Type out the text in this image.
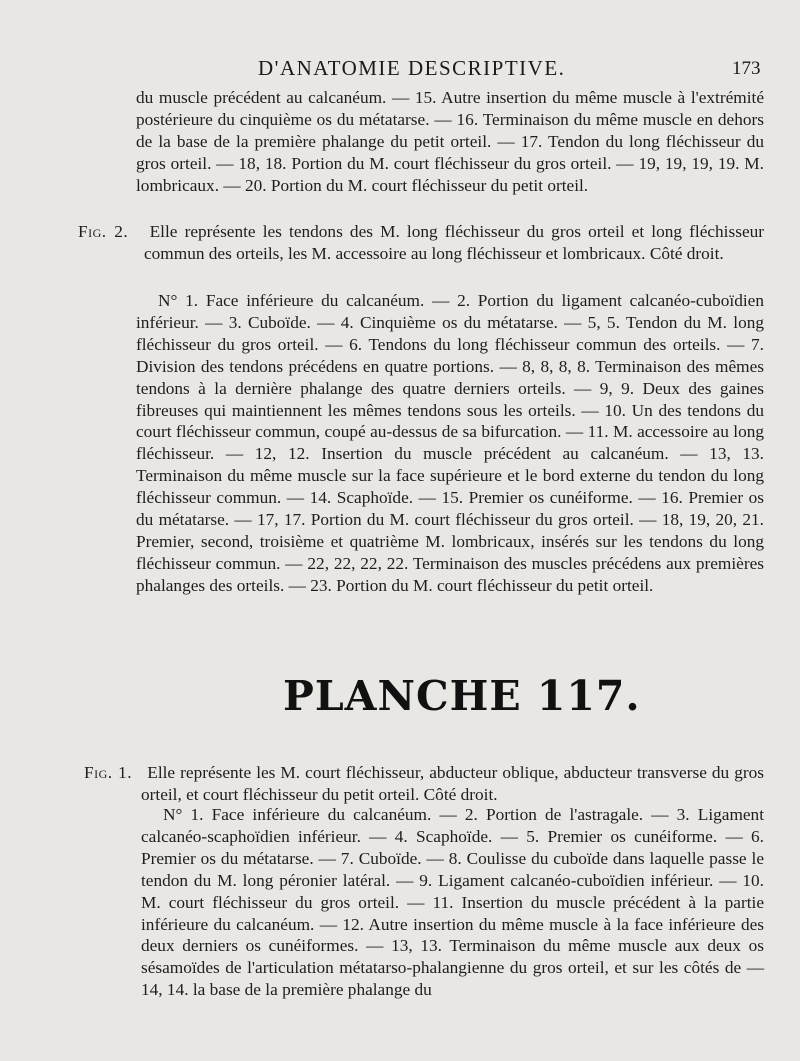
D'ANATOMIE DESCRIPTIVE.	173

du muscle précédent au calcanéum. — 15. Autre insertion du même muscle à l'extrémité postérieure du cinquième os du métatarse. — 16. Terminaison du même muscle en dehors de la base de la première phalange du petit orteil. — 17. Tendon du long fléchisseur du gros orteil. — 18, 18. Portion du M. court fléchisseur du gros orteil. — 19, 19, 19, 19. M. lombricaux. — 20. Portion du M. court fléchisseur du petit orteil.

Fig. 2. Elle représente les tendons des M. long fléchisseur du gros orteil et long fléchisseur commun des orteils, les M. accessoire au long fléchisseur et lombricaux. Côté droit.

N° 1. Face inférieure du calcanéum. — 2. Portion du ligament calcanéo-cuboïdien inférieur. — 3. Cuboïde. — 4. Cinquième os du métatarse. — 5, 5. Tendon du M. long fléchisseur du gros orteil. — 6. Tendons du long fléchisseur commun des orteils. — 7. Division des tendons précédens en quatre portions. — 8, 8, 8, 8. Terminaison des mêmes tendons à la dernière phalange des quatre derniers orteils. — 9, 9. Deux des gaines fibreuses qui maintiennent les mêmes tendons sous les orteils. — 10. Un des tendons du court fléchisseur commun, coupé au-dessus de sa bifurcation. — 11. M. accessoire au long fléchisseur. — 12, 12. Insertion du muscle précédent au calcanéum. — 13, 13. Terminaison du même muscle sur la face supérieure et le bord externe du tendon du long fléchisseur commun. — 14. Scaphoïde. — 15. Premier os cunéiforme. — 16. Premier os du métatarse. — 17, 17. Portion du M. court fléchisseur du gros orteil. — 18, 19, 20, 21. Premier, second, troisième et quatrième M. lombricaux, insérés sur les tendons du long fléchisseur commun. — 22, 22, 22, 22. Terminaison des muscles précédens aux premières phalanges des orteils. — 23. Portion du M. court fléchisseur du petit orteil.

PLANCHE 117.

Fig. 1. Elle représente les M. court fléchisseur, abducteur oblique, abducteur transverse du gros orteil, et court fléchisseur du petit orteil. Côté droit.

N° 1. Face inférieure du calcanéum. — 2. Portion de l'astragale. — 3. Ligament calcanéo-scaphoïdien inférieur. — 4. Scaphoïde. — 5. Premier os cunéiforme. — 6. Premier os du métatarse. — 7. Cuboïde. — 8. Coulisse du cuboïde dans laquelle passe le tendon du M. long péronier latéral. — 9. Ligament calcanéo-cuboïdien inférieur. — 10. M. court fléchisseur du gros orteil. — 11. Insertion du muscle précédent à la partie inférieure du calcanéum. — 12. Autre insertion du même muscle à la face inférieure des deux derniers os cunéiformes. — 13, 13. Terminaison du même muscle aux deux os sésamoïdes de l'articulation métatarso-phalangienne du gros orteil, et sur les côtés de — 14, 14. la base de la première phalange du
